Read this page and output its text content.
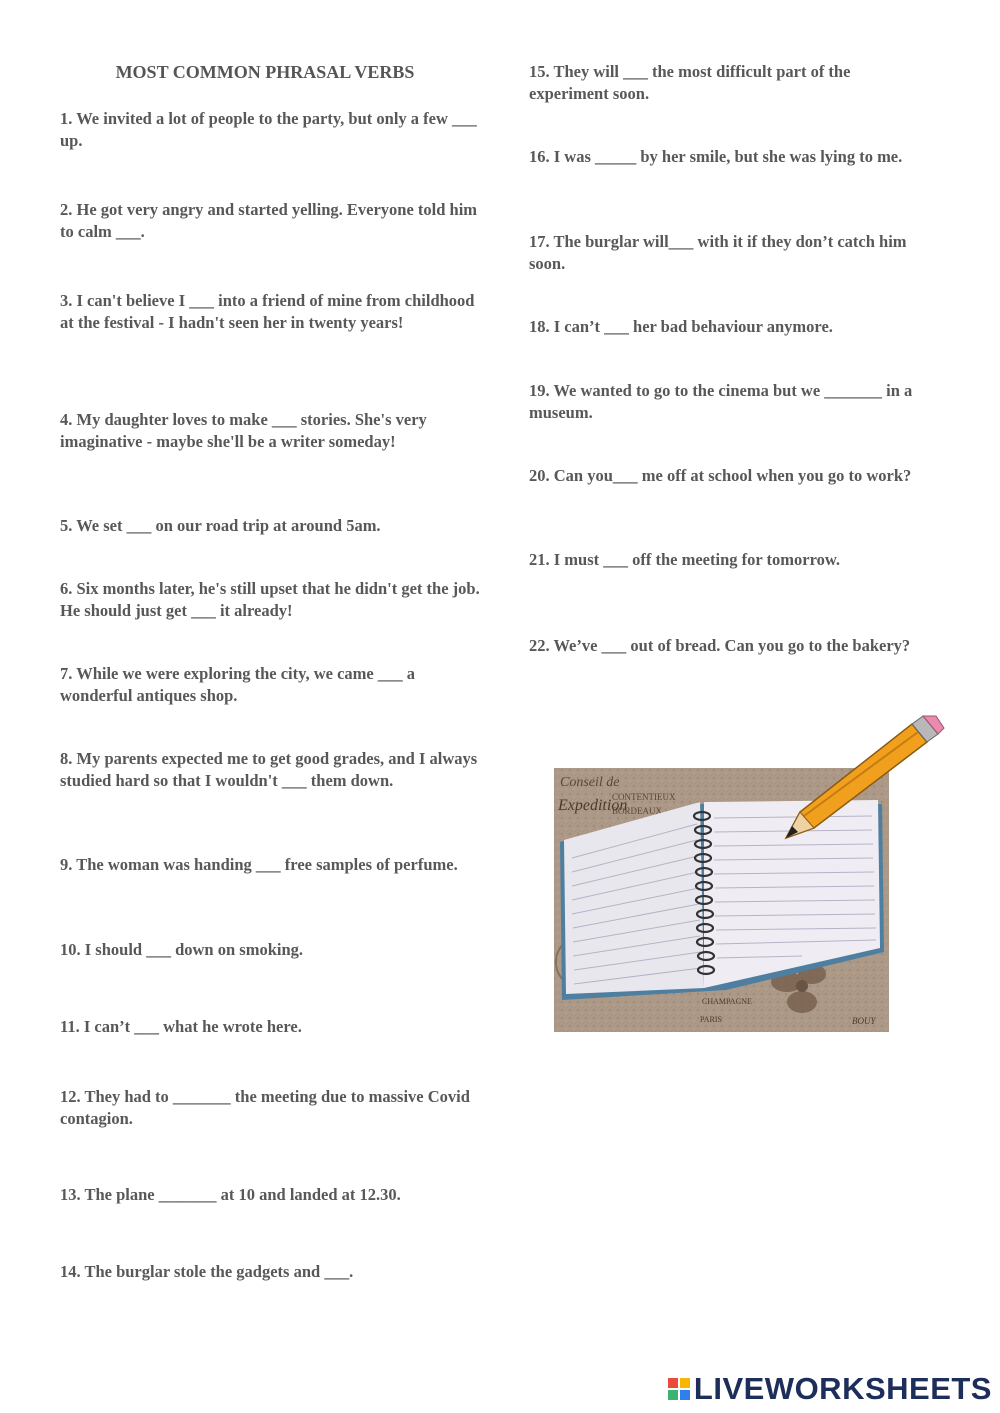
MOST COMMON PHRASAL VERBS
1. We invited a lot of people to the party, but only a few ___ up.
2. He got very angry and started yelling. Everyone told him to calm ___.
3. I can't believe I ___ into a friend of mine from childhood at the festival - I hadn't seen her in twenty years!
4. My daughter loves to make ___ stories. She's very imaginative - maybe she'll be a writer someday!
5. We set ___ on our road trip at around 5am.
6. Six months later, he's still upset that he didn't get the job. He should just get ___ it already!
7. While we were exploring the city, we came ___ a wonderful antiques shop.
8. My parents expected me to get good grades, and I always studied hard so that I wouldn't ___ them down.
9. The woman was handing ___ free samples of perfume.
10. I should ___ down on smoking.
11. I can’t ___ what he wrote here.
12. They had to _______ the meeting due to massive Covid contagion.
13. The plane _______ at 10 and landed at 12.30.
14. The burglar stole the gadgets and ___.
15. They will ___ the most difficult part of the experiment soon.
16. I was _____ by her smile, but she was lying to me.
17. The burglar will___ with it if they don’t catch him soon.
18. I can’t ___ her bad behaviour anymore.
19. We wanted to go to the cinema but we _______ in a museum.
20. Can you___ me off at school when you go to work?
21. I must ___ off the meeting for tomorrow.
22. We’ve ___ out of bread. Can you go to the bakery?
Conseil de
CONTENTIEUX
BORDEAUX
Expedition
PARIS
CHAMPAGNE
BOUY
LIVEWORKSHEETS
